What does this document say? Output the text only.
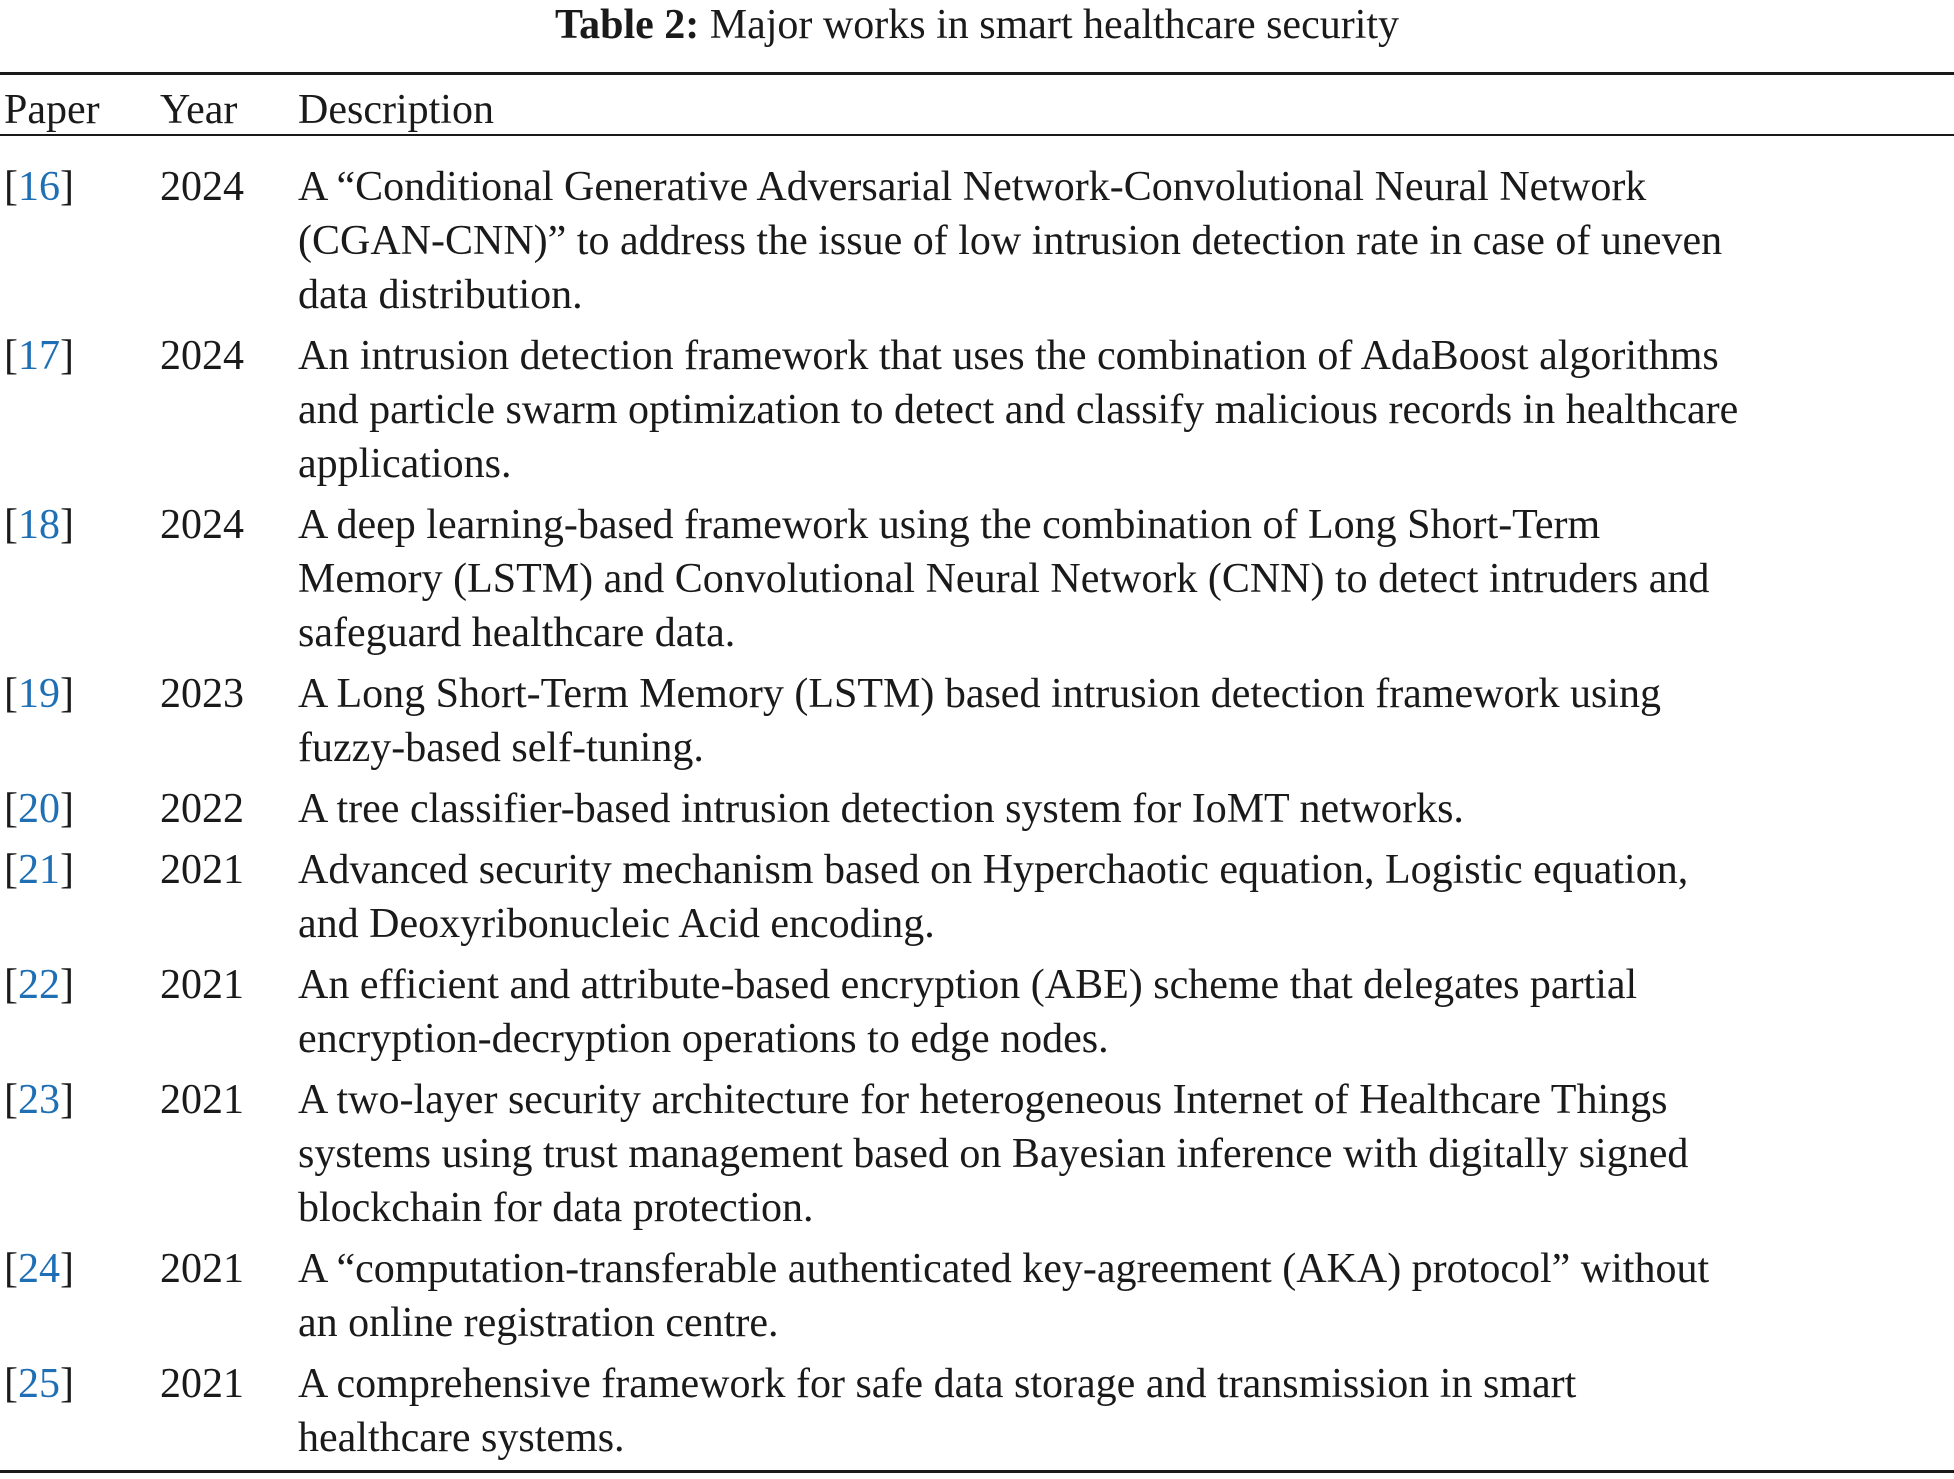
Table 2: Major works in smart healthcare security
Paper Year Description
[16] 2024 A “Conditional Generative Adversarial Network-Convolutional Neural Network
(CGAN-CNN)” to address the issue of low intrusion detection rate in case of uneven
data distribution.
[17] 2024 An intrusion detection framework that uses the combination of AdaBoost algorithms
and particle swarm optimization to detect and classify malicious records in healthcare
applications.
[18] 2024 A deep learning-based framework using the combination of Long Short-Term
Memory (LSTM) and Convolutional Neural Network (CNN) to detect intruders and
safeguard healthcare data.
[19] 2023 A Long Short-Term Memory (LSTM) based intrusion detection framework using
fuzzy-based self-tuning.
[20] 2022 A tree classifier-based intrusion detection system for IoMT networks.
[21] 2021 Advanced security mechanism based on Hyperchaotic equation, Logistic equation,
and Deoxyribonucleic Acid encoding.
[22] 2021 An efficient and attribute-based encryption (ABE) scheme that delegates partial
encryption-decryption operations to edge nodes.
[23] 2021 A two-layer security architecture for heterogeneous Internet of Healthcare Things
systems using trust management based on Bayesian inference with digitally signed
blockchain for data protection.
[24] 2021 A “computation-transferable authenticated key-agreement (AKA) protocol” without
an online registration centre.
[25] 2021 A comprehensive framework for safe data storage and transmission in smart
healthcare systems.
